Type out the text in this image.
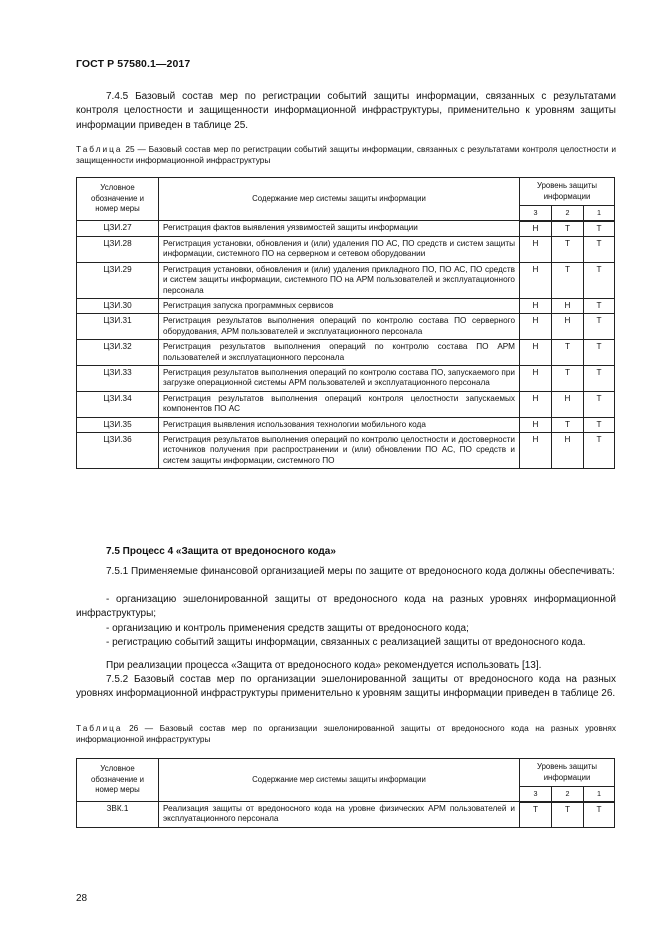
ГОСТ Р 57580.1—2017
7.4.5 Базовый состав мер по регистрации событий защиты информации, связанных с результатами контроля целостности и защищенности информационной инфраструктуры, применительно к уровням защиты информации приведен в таблице 25.
Таблица 25 — Базовый состав мер по регистрации событий защиты информации, связанных с результатами контроля целостности и защищенности информационной инфраструктуры
Условное обозначение и номер меры	Содержание мер системы защиты информации	Уровень защиты информации		
		3	2	1
ЦЗИ.27	Регистрация фактов выявления уязвимостей защиты информации	Н	Т	Т
ЦЗИ.28	Регистрация установки, обновления и (или) удаления ПО АС, ПО средств и систем защиты информации, системного ПО на серверном и сетевом оборудовании	Н	Т	Т
ЦЗИ.29	Регистрация установки, обновления и (или) удаления прикладного ПО, ПО АС, ПО средств и систем защиты информации, системного ПО на АРМ пользователей и эксплуатационного персонала	Н	Т	Т
ЦЗИ.30	Регистрация запуска программных сервисов	Н	Н	Т
ЦЗИ.31	Регистрация результатов выполнения операций по контролю состава ПО серверного оборудования, АРМ пользователей и эксплуатационного персонала	Н	Н	Т
ЦЗИ.32	Регистрация результатов выполнения операций по контролю состава ПО АРМ пользователей и эксплуатационного персонала	Н	Т	Т
ЦЗИ.33	Регистрация результатов выполнения операций по контролю состава ПО, запускаемого при загрузке операционной системы АРМ пользователей и эксплуатационного персонала	Н	Т	Т
ЦЗИ.34	Регистрация результатов выполнения операций контроля целостности запускаемых компонентов ПО АС	Н	Н	Т
ЦЗИ.35	Регистрация выявления использования технологии мобильного кода	Н	Т	Т
ЦЗИ.36	Регистрация результатов выполнения операций по контролю целостности и достоверности источников получения при распространении и (или) обновлении ПО АС, ПО средств и систем защиты информации, системного ПО	Н	Н	Т
7.5 Процесс 4 «Защита от вредоносного кода»
7.5.1 Применяемые финансовой организацией меры по защите от вредоносного кода должны обеспечивать:
- организацию эшелонированной защиты от вредоносного кода на разных уровнях информационной инфраструктуры;
- организацию и контроль применения средств защиты от вредоносного кода;
- регистрацию событий защиты информации, связанных с реализацией защиты от вредоносного кода.
При реализации процесса «Защита от вредоносного кода» рекомендуется использовать [13].
7.5.2 Базовый состав мер по организации эшелонированной защиты от вредоносного кода на разных уровнях информационной инфраструктуры применительно к уровням защиты информации приведен в таблице 26.
Таблица 26 — Базовый состав мер по организации эшелонированной защиты от вредоносного кода на разных уровнях информационной инфраструктуры
Условное обозначение и номер меры	Содержание мер системы защиты информации	Уровень защиты информации		
		3	2	1
ЗВК.1	Реализация защиты от вредоносного кода на уровне физических АРМ пользователей и эксплуатационного персонала	Т	Т	Т
28
